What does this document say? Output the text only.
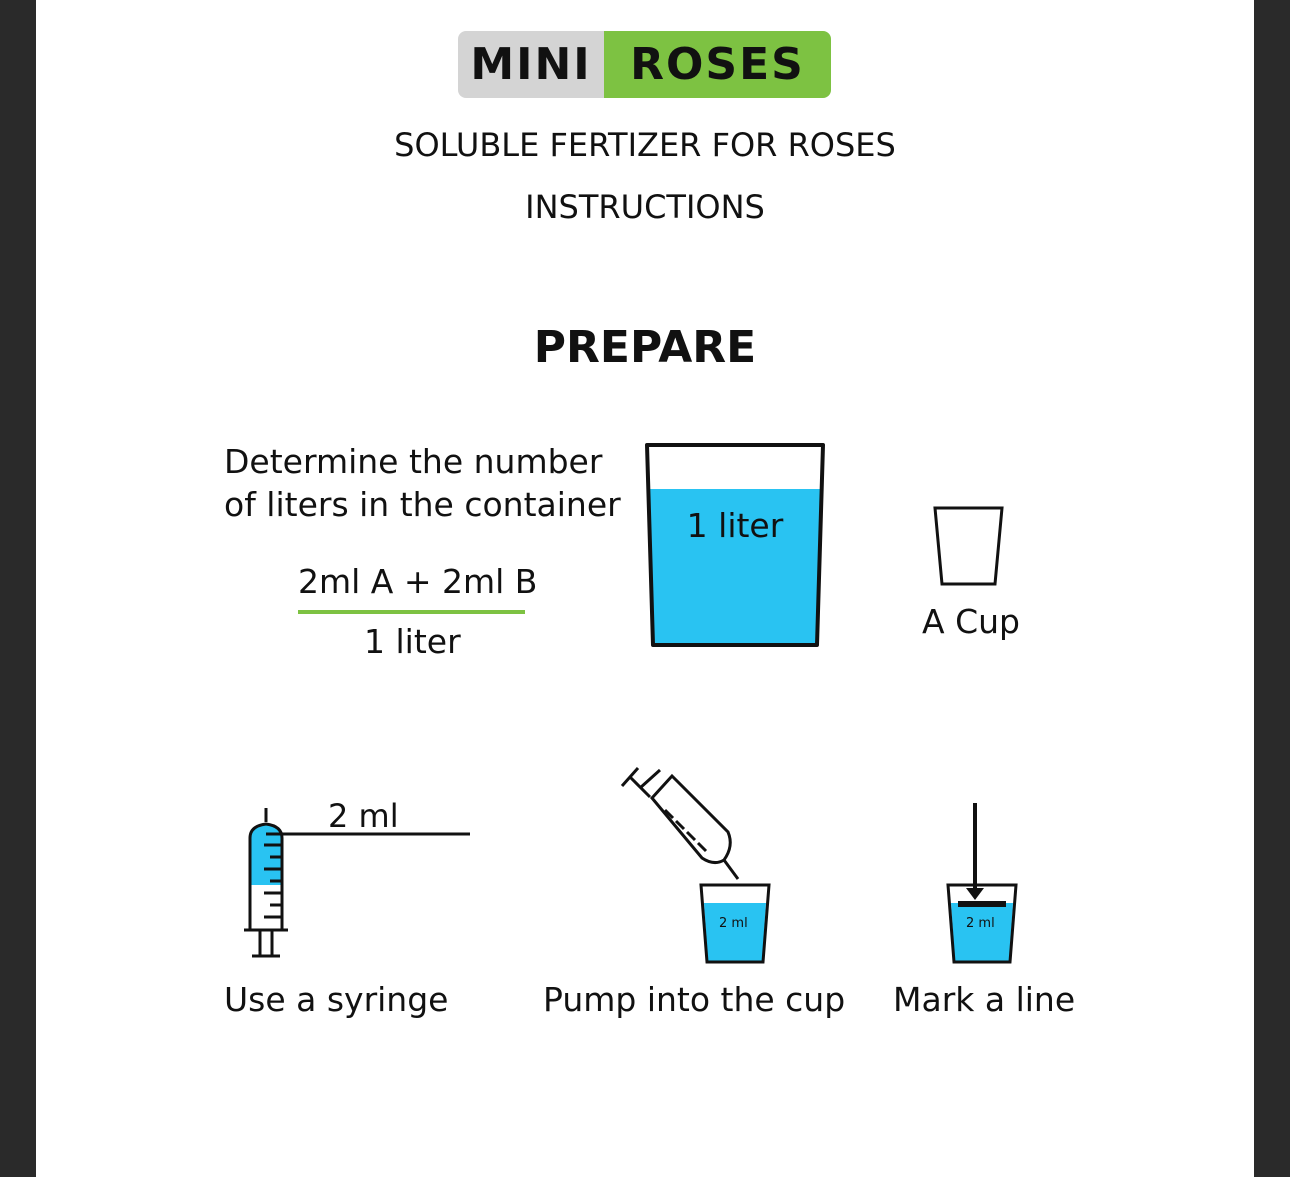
MINI ROSES
SOLUBLE FERTIZER FOR ROSES
INSTRUCTIONS
PREPARE
Determine the number
of liters in the container
2ml A + 2ml B
1 liter
1 liter
A Cup
2 ml
2 ml	2 ml
Use a syringe	Pump into the cup Mark a line
